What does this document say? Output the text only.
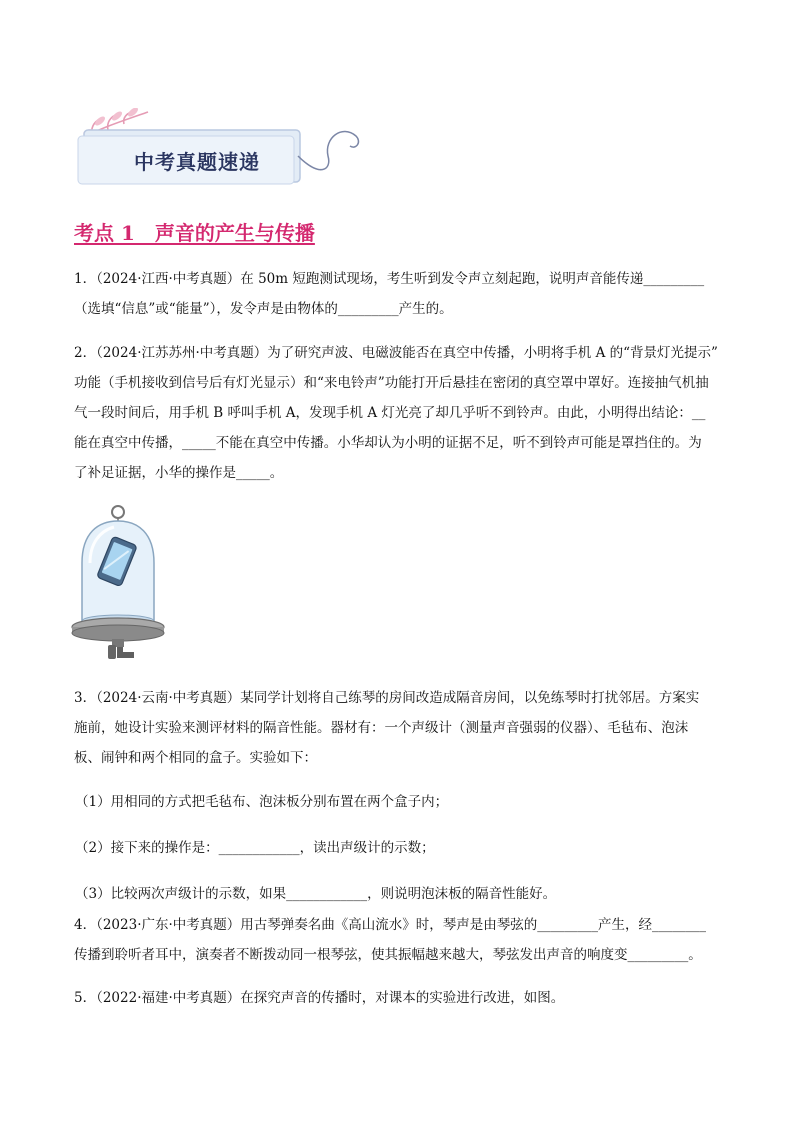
中考真题速递
考点 1　声音的产生与传播
1．（2024·江西·中考真题）在 50m 短跑测试现场，考生听到发令声立刻起跑，说明声音能传递_________
（选填“信息”或“能量”），发令声是由物体的_________产生的。
2．（2024·江苏苏州·中考真题）为了研究声波、电磁波能否在真空中传播，小明将手机 A 的“背景灯光提示”
功能（手机接收到信号后有灯光显示）和“来电铃声”功能打开后悬挂在密闭的真空罩中罩好。连接抽气机抽
气一段时间后，用手机 B 呼叫手机 A，发现手机 A 灯光亮了却几乎听不到铃声。由此，小明得出结论：__
能在真空中传播，_____不能在真空中传播。小华却认为小明的证据不足，听不到铃声可能是罩挡住的。为
了补足证据，小华的操作是_____。
3．（2024·云南·中考真题）某同学计划将自己练琴的房间改造成隔音房间，以免练琴时打扰邻居。方案实
施前，她设计实验来测评材料的隔音性能。器材有：一个声级计（测量声音强弱的仪器）、毛毡布、泡沫
板、闹钟和两个相同的盒子。实验如下：
（1）用相同的方式把毛毡布、泡沫板分别布置在两个盒子内；
（2）接下来的操作是：____________，读出声级计的示数；
（3）比较两次声级计的示数，如果____________，则说明泡沫板的隔音性能好。
4．（2023·广东·中考真题）用古琴弹奏名曲《高山流水》时，琴声是由琴弦的_________产生，经________
传播到聆听者耳中，演奏者不断拨动同一根琴弦，使其振幅越来越大，琴弦发出声音的响度变_________。
5．（2022·福建·中考真题）在探究声音的传播时，对课本的实验进行改进，如图。
